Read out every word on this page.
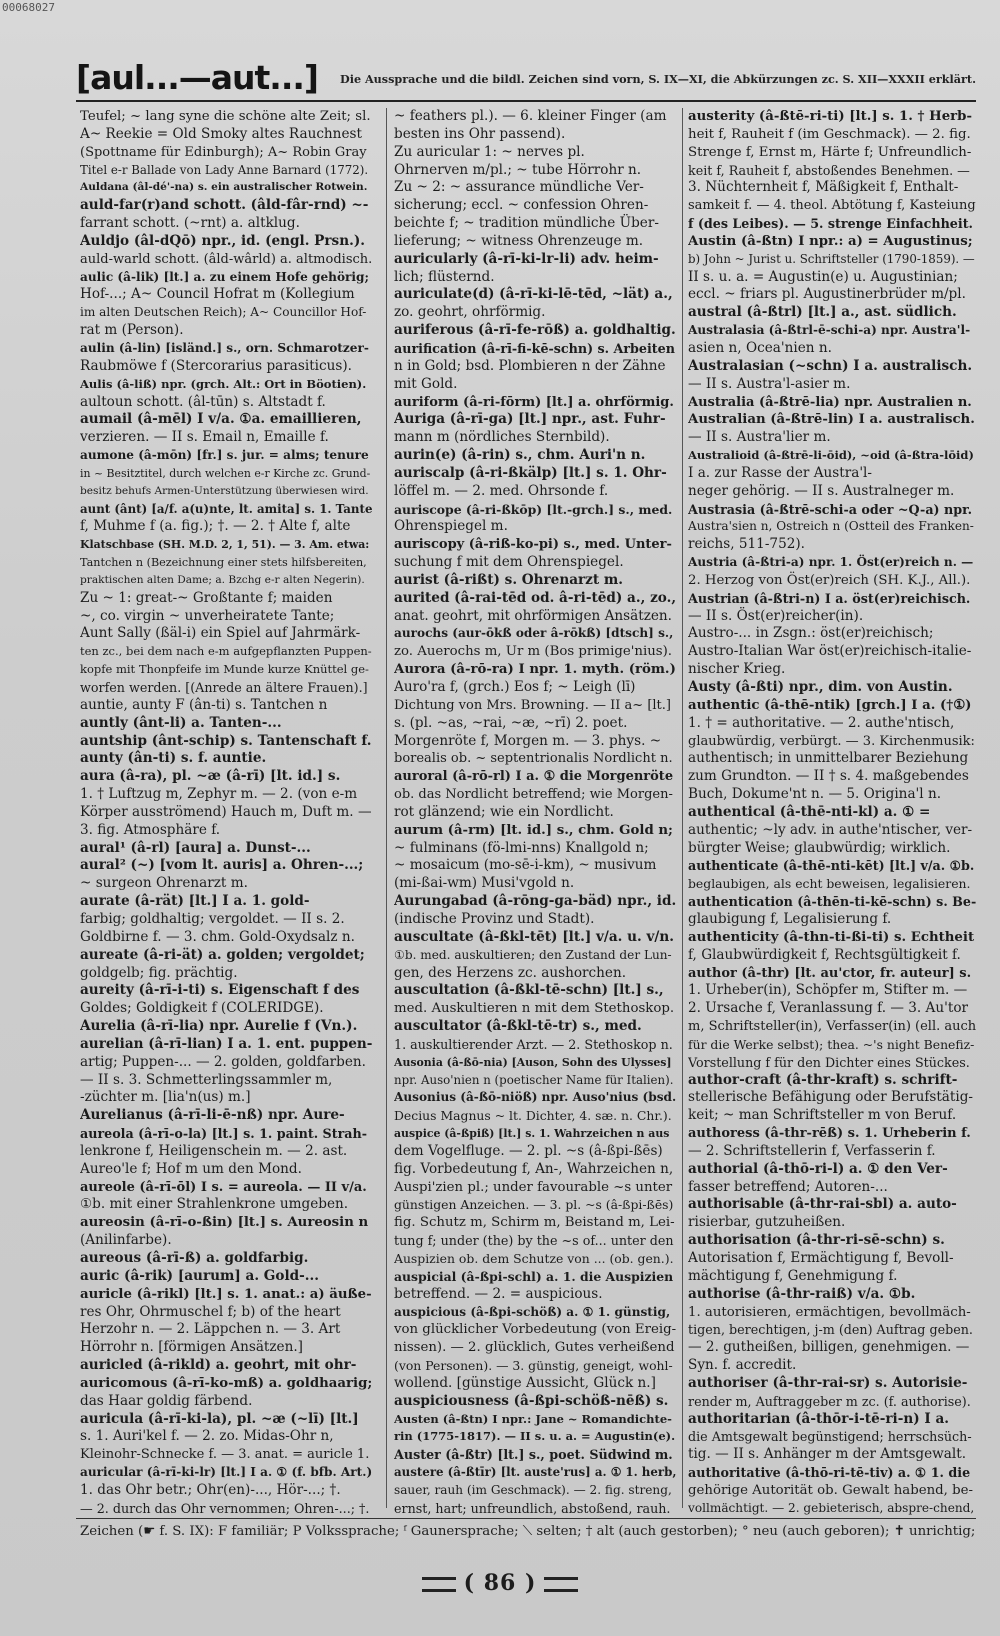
00068027
[aul...—aut...] Die Aussprache und die bildl. Zeichen sind vorn, S. IX—XI, die Abkürzungen zc. S. XII—XXXII erklärt.
Teufel; ~ lang syne die schöne alte Zeit; sl.
A~ Reekie = Old Smoky altes Rauchnest
(Spottname für Edinburgh); A~ Robin Gray
Titel e-r Ballade von Lady Anne Barnard (1772).
Auldana (âl-dé'-na) s. ein australischer Rotwein.
auld-far(r)and schott. (âld-fâr-rnd) ~-
farrant schott. (~rnt) a. altklug.
Auldjo (âl-dQō) npr., id. (engl. Prsn.).
auld-warld schott. (âld-wârld) a. altmodisch.
aulic (â-lik) [lt.] a. zu einem Hofe gehörig;
Hof-...; A~ Council Hofrat m (Kollegium
im alten Deutschen Reich); A~ Councillor Hof-
rat m (Person).
aulin (â-lin) [isländ.] s., orn. Schmarotzer-
Raubmöwe f (Stercorarius parasiticus).
Aulis (â-liß) npr. (grch. Alt.: Ort in Böotien).
aultoun schott. (âl-tūn) s. Altstadt f.
aumail (â-mēl) I v/a. ①a. emaillieren,
verzieren. — II s. Email n, Emaille f.
aumone (â-mōn) [fr.] s. jur. = alms; tenure
in ~ Besitztitel, durch welchen e-r Kirche zc. Grund-
besitz behufs Armen-Unterstützung überwiesen wird.
aunt (ânt) [a/f. a(u)nte, lt. amita] s. 1. Tante
f, Muhme f (a. fig.); †. — 2. † Alte f, alte
Klatschbase (SH. M.D. 2, 1, 51). — 3. Am. etwa:
Tantchen n (Bezeichnung einer stets hilfsbereiten,
praktischen alten Dame; a. Bzchg e-r alten Negerin).
Zu ~ 1: great-~ Großtante f; maiden
~, co. virgin ~ unverheiratete Tante;
Aunt Sally (ßäl-i) ein Spiel auf Jahrmärk-
ten zc., bei dem nach e-m aufgepflanzten Puppen-
kopfe mit Thonpfeife im Munde kurze Knüttel ge-
worfen werden. [(Anrede an ältere Frauen).]
auntie, aunty F (ân-ti) s. Tantchen n
auntly (ânt-li) a. Tanten-...
auntship (ânt-schip) s. Tantenschaft f.
aunty (ân-ti) s. f. auntie.
aura (â-ra), pl. ~æ (â-rī) [lt. id.] s.
1. † Luftzug m, Zephyr m. — 2. (von e-m
Körper ausströmend) Hauch m, Duft m. —
3. fig. Atmosphäre f.
aural¹ (â-rl) [aura] a. Dunst-...
aural² (~) [vom lt. auris] a. Ohren-...;
~ surgeon Ohrenarzt m.
aurate (â-rät) [lt.] I a. 1. gold-
farbig; goldhaltig; vergoldet. — II s. 2.
Goldbirne f. — 3. chm. Gold-Oxydsalz n.
aureate (â-ri-ät) a. golden; vergoldet;
goldgelb; fig. prächtig.
aureity (â-rī-i-ti) s. Eigenschaft f des
Goldes; Goldigkeit f (COLERIDGE).
Aurelia (â-rī-lia) npr. Aurelie f (Vn.).
aurelian (â-rī-lian) I a. 1. ent. puppen-
artig; Puppen-... — 2. golden, goldfarben.
— II s. 3. Schmetterlingssammler m,
-züchter m. [lia'n(us) m.]
Aurelianus (â-rī-li-ē-nß) npr. Aure-
aureola (â-rī-o-la) [lt.] s. 1. paint. Strah-
lenkrone f, Heiligenschein m. — 2. ast.
Aureo'le f; Hof m um den Mond.
aureole (â-rī-ōl) I s. = aureola. — II v/a.
①b. mit einer Strahlenkrone umgeben.
aureosin (â-rī-o-ßin) [lt.] s. Aureosin n
(Anilinfarbe).
aureous (â-rī-ß) a. goldfarbig.
auric (â-rik) [aurum] a. Gold-...
auricle (â-rikl) [lt.] s. 1. anat.: a) äuße-
res Ohr, Ohrmuschel f; b) of the heart
Herzohr n. — 2. Läppchen n. — 3. Art
Hörrohr n. [förmigen Ansätzen.]
auricled (â-rikld) a. geohrt, mit ohr-
auricomous (â-rī-ko-mß) a. goldhaarig;
das Haar goldig färbend.
auricula (â-rī-ki-la), pl. ~æ (~lī) [lt.]
s. 1. Auri'kel f. — 2. zo. Midas-Ohr n,
Kleinohr-Schnecke f. — 3. anat. = auricle 1.
auricular (â-rī-ki-lr) [lt.] I a. ① (f. bfb. Art.)
1. das Ohr betr.; Ohr(en)-..., Hör-...; †.
— 2. durch das Ohr vernommen; Ohren-...; †.
~ feathers pl.). — 6. kleiner Finger (am
besten ins Ohr passend).
Zu auricular 1: ~ nerves pl.
Ohrnerven m/pl.; ~ tube Hörrohr n.
Zu ~ 2: ~ assurance mündliche Ver-
sicherung; eccl. ~ confession Ohren-
beichte f; ~ tradition mündliche Über-
lieferung; ~ witness Ohrenzeuge m.
auricularly (â-rī-ki-lr-li) adv. heim-
lich; flüsternd.
auriculate(d) (â-rī-ki-lē-tēd, ~lät) a.,
zo. geohrt, ohrförmig.
auriferous (â-rī-fe-rōß) a. goldhaltig.
aurification (â-rī-fi-kē-schn) s. Arbeiten
n in Gold; bsd. Plombieren n der Zähne
mit Gold.
auriform (â-ri-fōrm) [lt.] a. ohrförmig.
Auriga (â-rī-ga) [lt.] npr., ast. Fuhr-
mann m (nördliches Sternbild).
aurin(e) (â-rin) s., chm. Auri'n n.
auriscalp (â-ri-ßkälp) [lt.] s. 1. Ohr-
löffel m. — 2. med. Ohrsonde f.
auriscope (â-ri-ßkōp) [lt.-grch.] s., med.
Ohrenspiegel m.
auriscopy (â-riß-ko-pi) s., med. Unter-
suchung f mit dem Ohrenspiegel.
aurist (â-rißt) s. Ohrenarzt m.
aurited (â-rai-tēd od. â-ri-tēd) a., zo.,
anat. geohrt, mit ohrförmigen Ansätzen.
aurochs (aur-ōkß oder â-rōkß) [dtsch] s.,
zo. Auerochs m, Ur m (Bos primige'nius).
Aurora (â-rō-ra) I npr. 1. myth. (röm.)
Auro'ra f, (grch.) Eos f; ~ Leigh (lī)
Dichtung von Mrs. Browning. — II a~ [lt.]
s. (pl. ~as, ~rai, ~æ, ~rī) 2. poet.
Morgenröte f, Morgen m. — 3. phys. ~
borealis ob. ~ septentrionalis Nordlicht n.
auroral (â-rō-rl) I a. ① die Morgenröte
ob. das Nordlicht betreffend; wie Morgen-
rot glänzend; wie ein Nordlicht.
aurum (â-rm) [lt. id.] s., chm. Gold n;
~ fulminans (fö-lmi-nns) Knallgold n;
~ mosaicum (mo-sē-i-km), ~ musivum
(mi-ßai-wm) Musi'vgold n.
Aurungabad (â-rōng-ga-bäd) npr., id.
(indische Provinz und Stadt).
auscultate (â-ßkl-tēt) [lt.] v/a. u. v/n.
①b. med. auskultieren; den Zustand der Lun-
gen, des Herzens zc. aushorchen.
auscultation (â-ßkl-tē-schn) [lt.] s.,
med. Auskultieren n mit dem Stethoskop.
auscultator (â-ßkl-tē-tr) s., med.
1. auskultierender Arzt. — 2. Stethoskop n.
Ausonia (â-ßō-nia) [Auson, Sohn des Ulysses]
npr. Auso'nien n (poetischer Name für Italien).
Ausonius (â-ßō-niöß) npr. Auso'nius (bsd.
Decius Magnus ~ lt. Dichter, 4. sæ. n. Chr.).
auspice (â-ßpiß) [lt.] s. 1. Wahrzeichen n aus
dem Vogelfluge. — 2. pl. ~s (â-ßpi-ßēs)
fig. Vorbedeutung f, An-, Wahrzeichen n,
Auspi'zien pl.; under favourable ~s unter
günstigen Anzeichen. — 3. pl. ~s (â-ßpi-ßēs)
fig. Schutz m, Schirm m, Beistand m, Lei-
tung f; under (the) by the ~s of... unter den
Auspizien ob. dem Schutze von ... (ob. gen.).
auspicial (â-ßpi-schl) a. 1. die Auspizien
betreffend. — 2. = auspicious.
auspicious (â-ßpi-schöß) a. ① 1. günstig,
von glücklicher Vorbedeutung (von Ereig-
nissen). — 2. glücklich, Gutes verheißend
(von Personen). — 3. günstig, geneigt, wohl-
wollend. [günstige Aussicht, Glück n.]
auspiciousness (â-ßpi-schöß-nēß) s.
Austen (â-ßtn) I npr.: Jane ~ Romandichte-
rin (1775-1817). — II s. u. a. = Augustin(e).
Auster (â-ßtr) [lt.] s., poet. Südwind m.
austere (â-ßtīr) [lt. auste'rus] a. ① 1. herb,
sauer, rauh (im Geschmack). — 2. fig. streng,
ernst, hart; unfreundlich, abstoßend, rauh.
austerity (â-ßtē-ri-ti) [lt.] s. 1. † Herb-
heit f, Rauheit f (im Geschmack). — 2. fig.
Strenge f, Ernst m, Härte f; Unfreundlich-
keit f, Rauheit f, abstoßendes Benehmen. —
3. Nüchternheit f, Mäßigkeit f, Enthalt-
samkeit f. — 4. theol. Abtötung f, Kasteiung
f (des Leibes). — 5. strenge Einfachheit.
Austin (â-ßtn) I npr.: a) = Augustinus;
b) John ~ Jurist u. Schriftsteller (1790-1859). —
II s. u. a. = Augustin(e) u. Augustinian;
eccl. ~ friars pl. Augustinerbrüder m/pl.
austral (â-ßtrl) [lt.] a., ast. südlich.
Australasia (â-ßtrl-ē-schi-a) npr. Austra'l-
asien n, Ocea'nien n.
Australasian (~schn) I a. australisch.
— II s. Austra'l-asier m.
Australia (â-ßtrē-lia) npr. Australien n.
Australian (â-ßtrē-lin) I a. australisch.
— II s. Austra'lier m.
Australioid (â-ßtrē-li-ōid), ~oid (â-ßtra-lōid)
I a. zur Rasse der Austra'l-
neger gehörig. — II s. Australneger m.
Austrasia (â-ßtrē-schi-a oder ~Q-a) npr.
Austra'sien n, Ostreich n (Ostteil des Franken-
reichs, 511-752).
Austria (â-ßtri-a) npr. 1. Öst(er)reich n. —
2. Herzog von Öst(er)reich (SH. K.J., All.).
Austrian (â-ßtri-n) I a. öst(er)reichisch.
— II s. Öst(er)reicher(in).
Austro-... in Zsgn.: öst(er)reichisch;
Austro-Italian War öst(er)reichisch-italie-
nischer Krieg.
Austy (â-ßti) npr., dim. von Austin.
authentic (â-thē-ntik) [grch.] I a. (†①)
1. † = authoritative. — 2. authe'ntisch,
glaubwürdig, verbürgt. — 3. Kirchenmusik:
authentisch; in unmittelbarer Beziehung
zum Grundton. — II † s. 4. maßgebendes
Buch, Dokume'nt n. — 5. Origina'l n.
authentical (â-thē-nti-kl) a. ① =
authentic; ~ly adv. in authe'ntischer, ver-
bürgter Weise; glaubwürdig; wirklich.
authenticate (â-thē-nti-kēt) [lt.] v/a. ①b.
beglaubigen, als echt beweisen, legalisieren.
authentication (â-thēn-ti-kē-schn) s. Be-
glaubigung f, Legalisierung f.
authenticity (â-thn-ti-ßi-ti) s. Echtheit
f, Glaubwürdigkeit f, Rechtsgültigkeit f.
author (â-thr) [lt. au'ctor, fr. auteur] s.
1. Urheber(in), Schöpfer m, Stifter m. —
2. Ursache f, Veranlassung f. — 3. Au'tor
m, Schriftsteller(in), Verfasser(in) (ell. auch
für die Werke selbst); thea. ~'s night Benefiz-
Vorstellung f für den Dichter eines Stückes.
author-craft (â-thr-kraft) s. schrift-
stellerische Befähigung oder Berufstätig-
keit; ~ man Schriftsteller m von Beruf.
authoress (â-thr-rēß) s. 1. Urheberin f.
— 2. Schriftstellerin f, Verfasserin f.
authorial (â-thō-ri-l) a. ① den Ver-
fasser betreffend; Autoren-...
authorisable (â-thr-rai-sbl) a. auto-
risierbar, gutzuheißen.
authorisation (â-thr-ri-sē-schn) s.
Autorisation f, Ermächtigung f, Bevoll-
mächtigung f, Genehmigung f.
authorise (â-thr-raiß) v/a. ①b.
1. autorisieren, ermächtigen, bevollmäch-
tigen, berechtigen, j-m (den) Auftrag geben.
— 2. gutheißen, billigen, genehmigen. —
Syn. f. accredit.
authoriser (â-thr-rai-sr) s. Autorisie-
render m, Auftraggeber m zc. (f. authorise).
authoritarian (â-thōr-i-tē-ri-n) I a.
die Amtsgewalt begünstigend; herrschsüch-
tig. — II s. Anhänger m der Amtsgewalt.
authoritative (â-thō-ri-tē-tiv) a. ① 1. die
gehörige Autorität ob. Gewalt habend, be-
vollmächtigt. — 2. gebieterisch, abspre-chend,
Zeichen (☛ f. S. IX): F familiär; P Volkssprache; ᶠ Gaunersprache; ⟍ selten; † alt (auch gestorben); ° neu (auch geboren); ✝ unrichtig;
( 86 )
